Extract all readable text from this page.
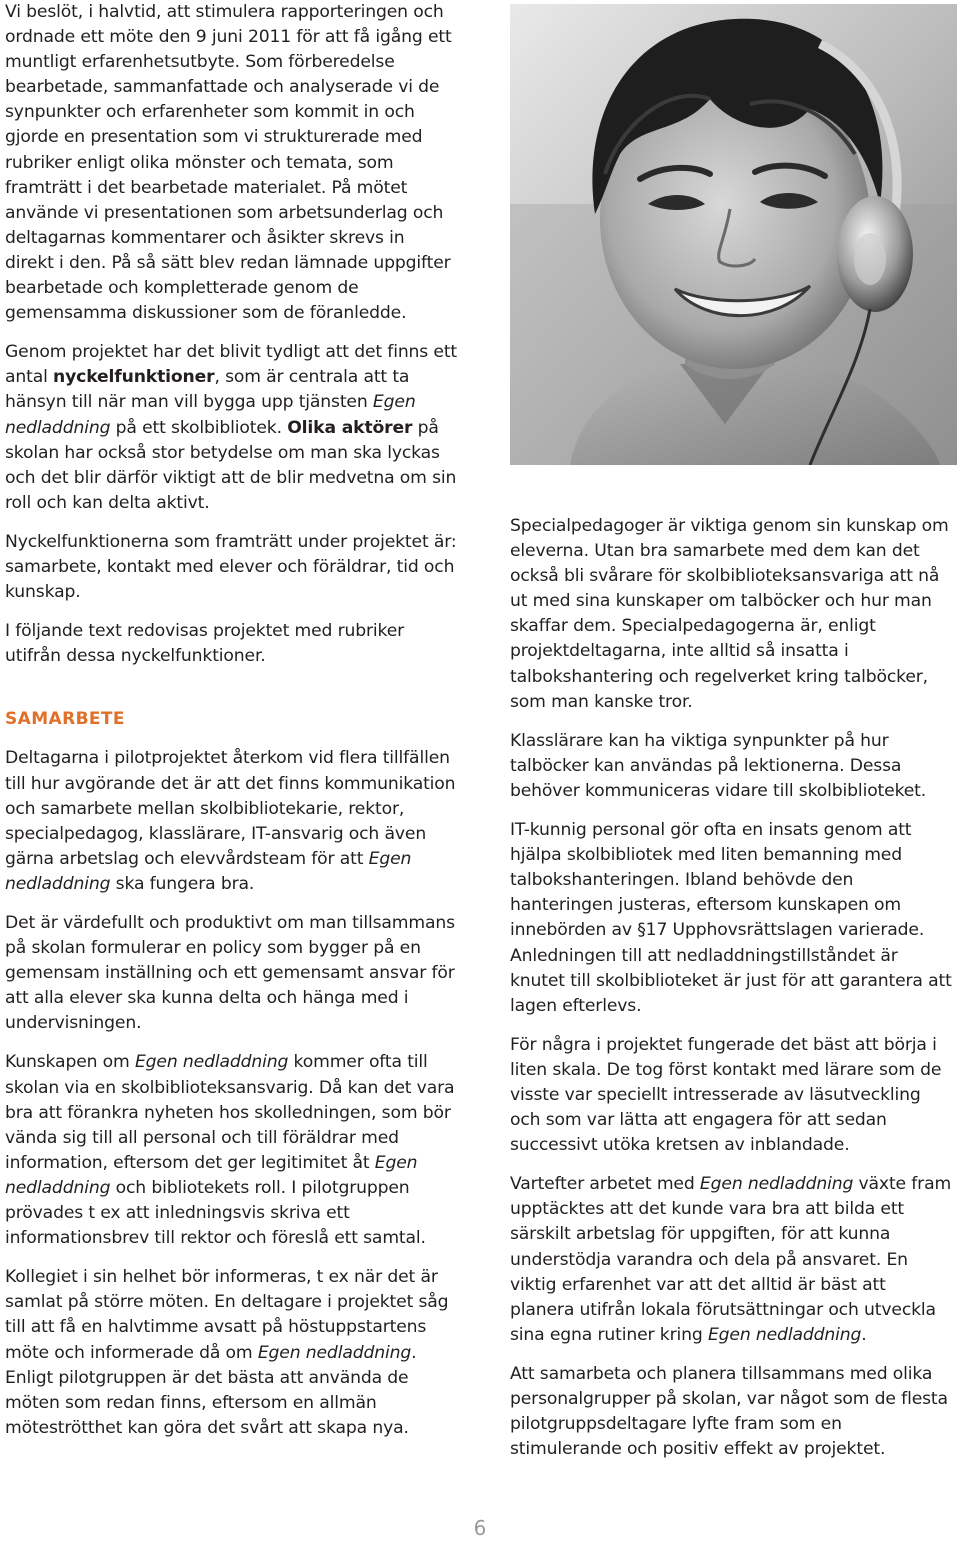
Vi beslöt, i halvtid, att stimulera rapporteringen och ordnade ett möte den 9 juni 2011 för att få igång ett muntligt erfarenhetsutbyte. Som förberedelse bearbetade, sammanfattade och analyserade vi de synpunkter och erfarenheter som kommit in och gjorde en presentation som vi strukturerade med rubriker enligt olika mönster och temata, som framträtt i det bearbetade materialet. På mötet använde vi presentationen som arbetsunderlag och deltagarnas kommentarer och åsikter skrevs in direkt i den. På så sätt blev redan lämnade uppgifter bearbetade och kompletterade genom de gemensamma diskussioner som de föranledde.

Genom projektet har det blivit tydligt att det finns ett antal nyckelfunktioner, som är centrala att ta hänsyn till när man vill bygga upp tjänsten Egen nedladdning på ett skolbibliotek. Olika aktörer på skolan har också stor betydelse om man ska lyckas och det blir därför viktigt att de blir medvetna om sin roll och kan delta aktivt.

Nyckelfunktionerna som framträtt under projektet är: samarbete, kontakt med elever och föräldrar, tid och kunskap.

I följande text redovisas projektet med rubriker utifrån dessa nyckelfunktioner.

SAMARBETE

Deltagarna i pilotprojektet återkom vid flera tillfällen till hur avgörande det är att det finns kommunikation och samarbete mellan skolbibliotekarie, rektor, specialpedagog, klasslärare, IT-ansvarig och även gärna arbetslag och elevvårdsteam för att Egen nedladdning ska fungera bra.

Det är värdefullt och produktivt om man tillsammans på skolan formulerar en policy som bygger på en gemensam inställning och ett gemensamt ansvar för att alla elever ska kunna delta och hänga med i undervisningen.

Kunskapen om Egen nedladdning kommer ofta till skolan via en skolbiblioteksansvarig. Då kan det vara bra att förankra nyheten hos skolledningen, som bör vända sig till all personal och till föräldrar med information, eftersom det ger legitimitet åt Egen nedladdning och bibliotekets roll. I pilotgruppen prövades t ex att inledningsvis skriva ett informationsbrev till rektor och föreslå ett samtal.

Kollegiet i sin helhet bör informeras, t ex när det är samlat på större möten. En deltagare i projektet såg till att få en halvtimme avsatt på höstuppstartens möte och informerade då om Egen nedladdning. Enligt pilotgruppen är det bästa att använda de möten som redan finns, eftersom en allmän möteströtthet kan göra det svårt att skapa nya.

Specialpedagoger är viktiga genom sin kunskap om eleverna. Utan bra samarbete med dem kan det också bli svårare för skolbiblioteksansvariga att nå ut med sina kunskaper om talböcker och hur man skaffar dem. Specialpedagogerna är, enligt projektdeltagarna, inte alltid så insatta i talbokshantering och regelverket kring talböcker, som man kanske tror.

Klasslärare kan ha viktiga synpunkter på hur talböcker kan användas på lektionerna. Dessa behöver kommuniceras vidare till skolbiblioteket.

IT-kunnig personal gör ofta en insats genom att hjälpa skolbibliotek med liten bemanning med talbokshanteringen. Ibland behövde den hanteringen justeras, eftersom kunskapen om innebörden av §17 Upphovsrättslagen varierade. Anledningen till att nedladdningstillståndet är knutet till skolbiblioteket är just för att garantera att lagen efterlevs.

För några i projektet fungerade det bäst att börja i liten skala. De tog först kontakt med lärare som de visste var speciellt intresserade av läsutveckling och som var lätta att engagera för att sedan successivt utöka kretsen av inblandade.

Vartefter arbetet med Egen nedladdning växte fram upptäcktes att det kunde vara bra att bilda ett särskilt arbetslag för uppgiften, för att kunna understödja varandra och dela på ansvaret. En viktig erfarenhet var att det alltid är bäst att planera utifrån lokala förutsättningar och utveckla sina egna rutiner kring Egen nedladdning.

Att samarbeta och planera tillsammans med olika personalgrupper på skolan, var något som de flesta pilotgruppsdeltagare lyfte fram som en stimulerande och positiv effekt av projektet.

6
